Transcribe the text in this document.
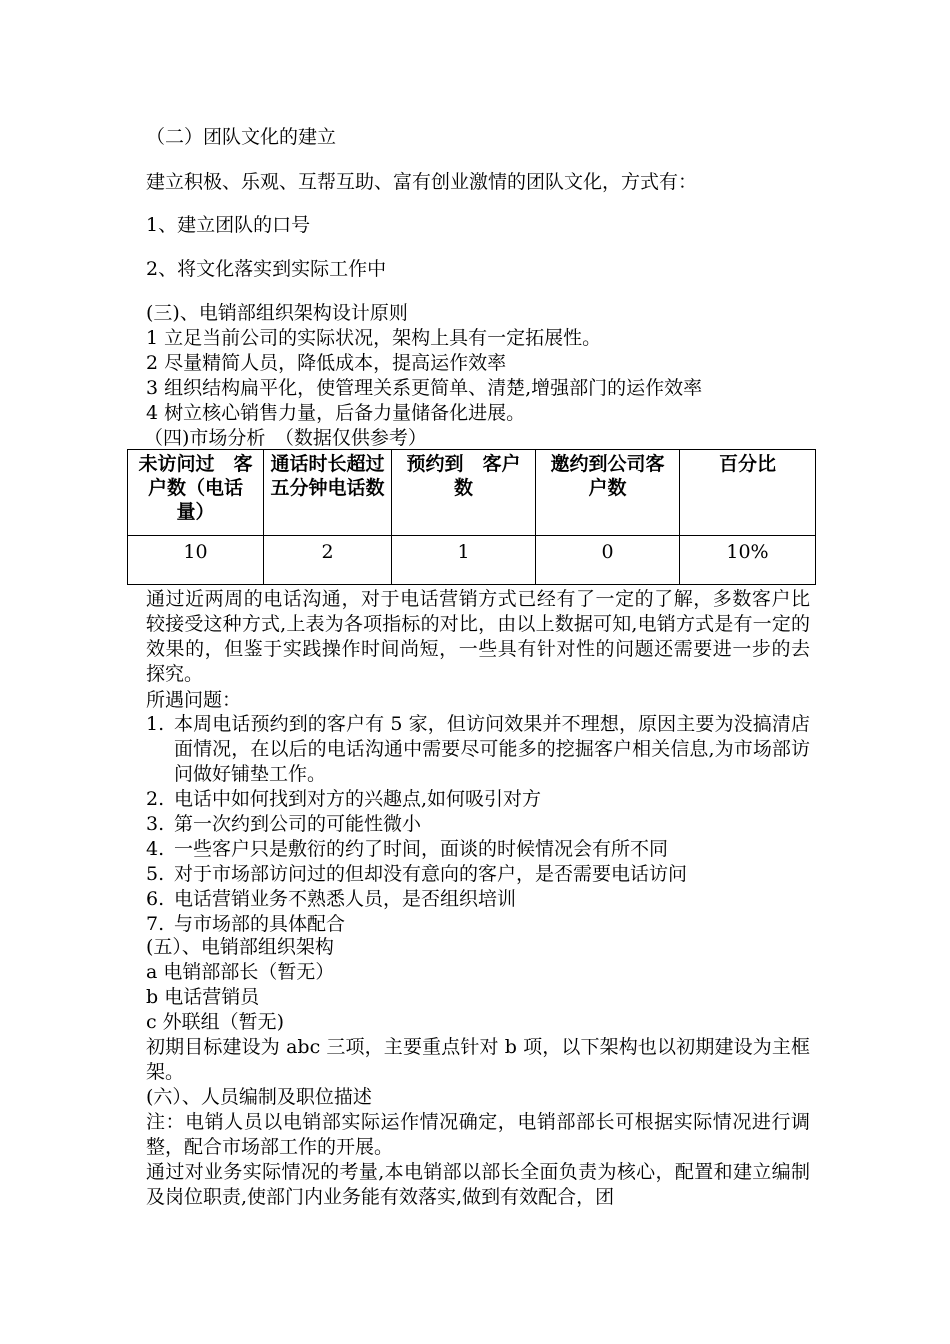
（二）团队文化的建立
建立积极、乐观、互帮互助、富有创业激情的团队文化，方式有：
1、建立团队的口号
2、将文化落实到实际工作中
(三)、电销部组织架构设计原则
1 立足当前公司的实际状况，架构上具有一定拓展性。
2 尽量精简人员，降低成本，提高运作效率
3 组织结构扁平化，使管理关系更简单、清楚,增强部门的运作效率
4 树立核心销售力量，后备力量储备化进展。
（四)市场分析　（数据仅供参考）
未访问过　客户数（电话量）	通话时长超过五分钟电话数	预约到　客户数	邀约到公司客户数	百分比
10	2	1	0	10%
通过近两周的电话沟通，对于电话营销方式已经有了一定的了解，多数客户比较接受这种方式,上表为各项指标的对比，由以上数据可知,电销方式是有一定的效果的，但鉴于实践操作时间尚短，一些具有针对性的问题还需要进一步的去探究。
所遇问题：
1. 本周电话预约到的客户有 5 家，但访问效果并不理想，原因主要为没搞清店面情况，在以后的电话沟通中需要尽可能多的挖掘客户相关信息,为市场部访问做好铺垫工作。
2. 电话中如何找到对方的兴趣点,如何吸引对方
3. 第一次约到公司的可能性微小
4. 一些客户只是敷衍的约了时间，面谈的时候情况会有所不同
5. 对于市场部访问过的但却没有意向的客户，是否需要电话访问
6. 电话营销业务不熟悉人员，是否组织培训
7. 与市场部的具体配合
(五）、电销部组织架构
a 电销部部长（暂无）
b 电话营销员
c 外联组（暂无)
初期目标建设为 abc 三项，主要重点针对 b 项，以下架构也以初期建设为主框架。
(六）、人员编制及职位描述
注：电销人员以电销部实际运作情况确定，电销部部长可根据实际情况进行调整，配合市场部工作的开展。
通过对业务实际情况的考量,本电销部以部长全面负责为核心，配置和建立编制及岗位职责,使部门内业务能有效落实,做到有效配合，团
